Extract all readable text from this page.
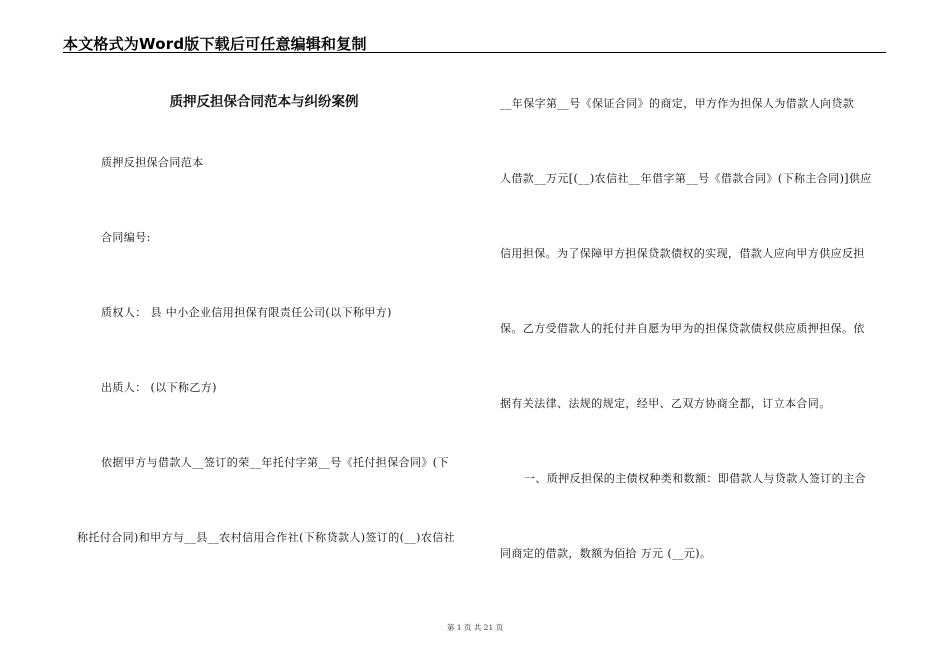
本文格式为Word版下载后可任意编辑和复制
质押反担保合同范本与纠纷案例
质押反担保合同范本
合同编号:
质权人： 县 中小企业信用担保有限责任公司(以下称甲方)
出质人： (以下称乙方)
依据甲方与借款人__签订的荣__年托付字第__号《托付担保合同》(下
称托付合同)和甲方与__县__农村信用合作社(下称贷款人)签订的(__)农信社
__年保字第__号《保证合同》的商定，甲方作为担保人为借款人向贷款
人借款__万元[(__)农信社__年借字第__号《借款合同》(下称主合同)]供应
信用担保。为了保障甲方担保贷款债权的实现，借款人应向甲方供应反担
保。乙方受借款人的托付并自愿为甲为的担保贷款债权供应质押担保。依
据有关法律、法规的规定，经甲、乙双方协商全都，订立本合同。
一、质押反担保的主债权种类和数额：即借款人与贷款人签订的主合
同商定的借款，数额为佰拾 万元 (__元)。
第 1 页 共 21 页
